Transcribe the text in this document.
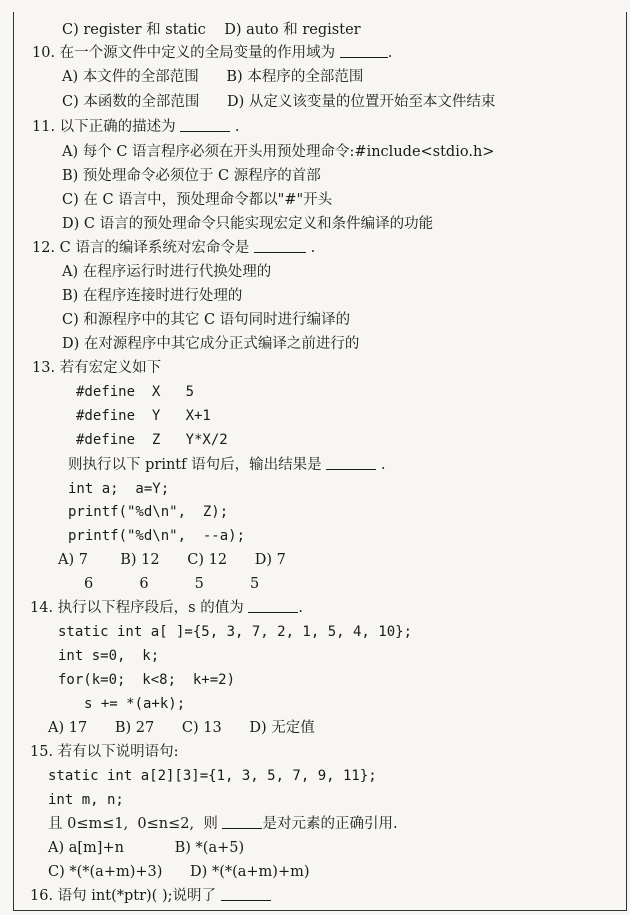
C) register 和 static    D) auto 和 register
10. 在一个源文件中定义的全局变量的作用域为	.
A) 本文件的全部范围      B) 本程序的全部范围
C) 本函数的全部范围      D) 从定义该变量的位置开始至本文件结束
11. 以下正确的描述为	.
A) 每个 C 语言程序必须在开头用预处理命令:#include<stdio.h>
B) 预处理命令必须位于 C 源程序的首部
C) 在 C 语言中，预处理命令都以"#"开头
D) C 语言的预处理命令只能实现宏定义和条件编译的功能
12. C 语言的编译系统对宏命令是	.
A) 在程序运行时进行代换处理的
B) 在程序连接时进行处理的
C) 和源程序中的其它 C 语句同时进行编译的
D) 在对源程序中其它成分正式编译之前进行的
13. 若有宏定义如下
#define  X   5
#define  Y   X+1
#define  Z   Y*X/2
则执行以下 printf 语句后，输出结果是	.
int a;  a=Y;
printf("%d\n",  Z);
printf("%d\n",  --a);
A) 7       B) 12      C) 12      D) 7
6          6          5          5
14. 执行以下程序段后，s 的值为	.
static int a[ ]={5, 3, 7, 2, 1, 5, 4, 10};
int s=0,  k;
for(k=0;  k<8;  k+=2)
s += *(a+k);
A) 17      B) 27      C) 13      D) 无定值
15. 若有以下说明语句:
static int a[2][3]={1, 3, 5, 7, 9, 11};
int m, n;
且 0≤m≤1,  0≤n≤2,  则	是对元素的正确引用.
A) a[m]+n           B) *(a+5)
C) *(*(a+m)+3)      D) *(*(a+m)+m)
16. 语句 int(*ptr)( );说明了
